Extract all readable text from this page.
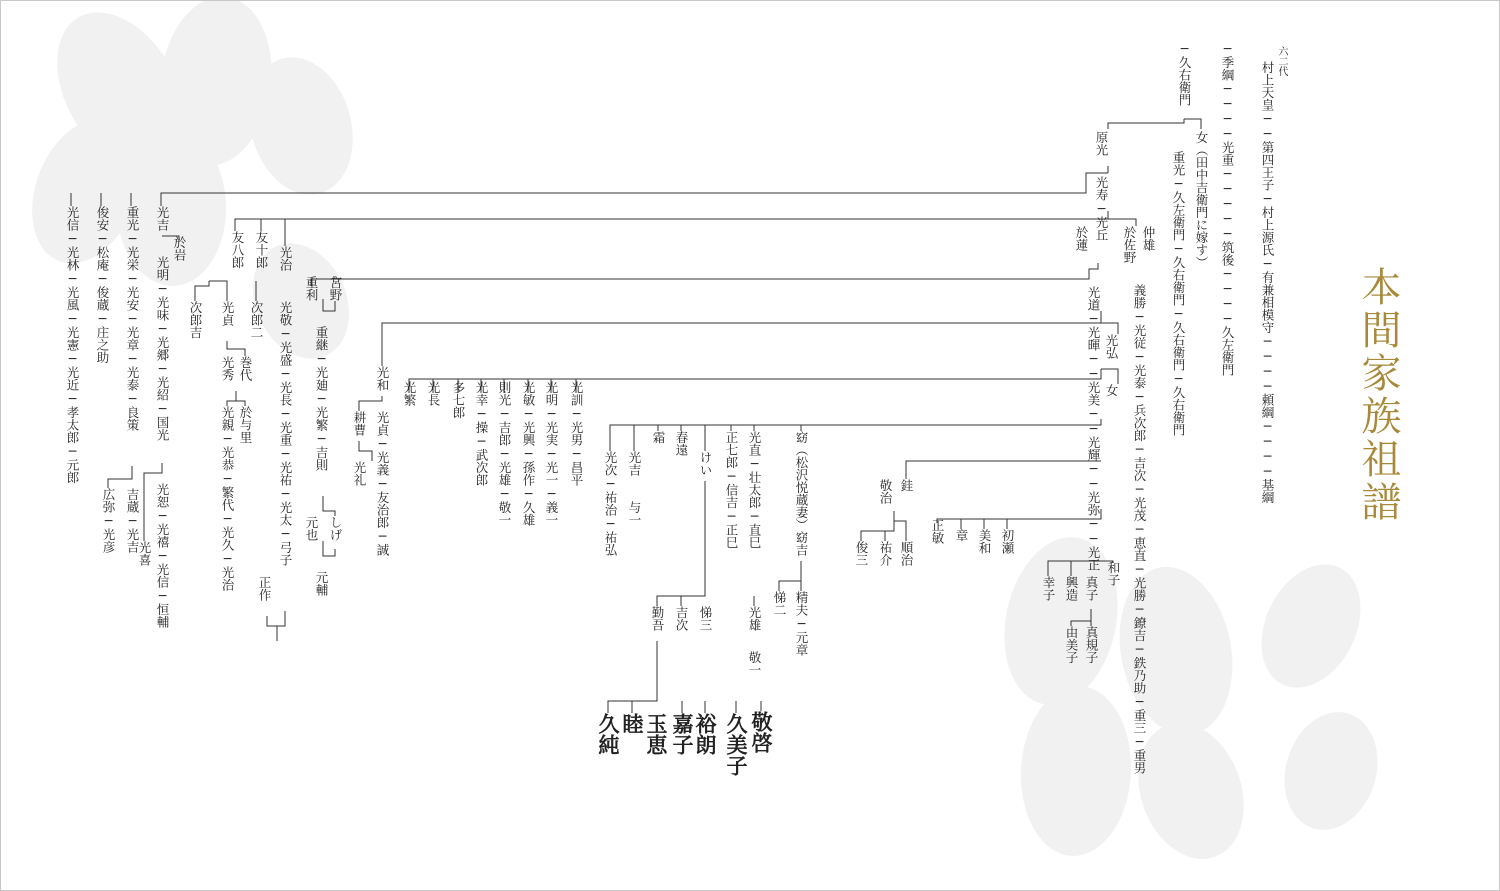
本間家族祖譜
六二代
村上天皇──第四王子─村上源氏─有兼相模守────頼綱────基綱
─季綱────光重─────筑後────久左衛門
─久右衛門
女（田中吉衛門に嫁す）
重光─久左衛門─久右衛門─久右衛門─久右衛門
仲雄
義勝─光従─光泰─兵次郎─吉次─光茂─恵直─光勝─鐐吉─鉄乃助─重三─重男
原光
光寿─光丘
於佐野
於蓮
光道─光暉──光美──光輝──光弥──光正 光弘
女
和子
真子
興造
幸子
真規子
由美子
初瀬
美和
章
正敏
銈
敬治
順治
祐介
俊三
窈（松沢悦蔵妻）窈吉
精夫─元章
悌二
光直─壮太郎─直巳
正七郎─信吉─正巳
けい
春遠
霜
光吉
与一
光次─祐治─祐弘
光雄
敬一
悌三
吉次
勤吾
光訓─光男─昌平
光明─光実─光一─義一
光敏─光興─孫作─久雄
則光─吉郎─光雄─敬一
光幸─操─武次郎
多七郎
光長
光繁
光和
光貞─光義─友治郎─誠
耕曹
光礼
宮野
重利
重継─光廸─光繁─吉則
しげ
元也
元輔
光治
光敬─光盛─光長─光重─光祐─光太─弓子
正作
友十郎
友八郎
次郎二
光貞
光秀 巻代
於与里
光親─光恭─繁代─光久─光治
次郎吉
光吉
於岩
光明─光味─光郷─光紹─国光
光恕─光禧─光信─恒輔
光喜
重光─光栄─光安─光章─光泰─良策
吉蔵─光吉
広弥─光彦
俊安─松庵─俊蔵─庄之助
光信─光林─光風─光憲─光近─孝太郎─元郎
敬啓
久美子
裕朗
嘉子
玉恵
睦
久純
